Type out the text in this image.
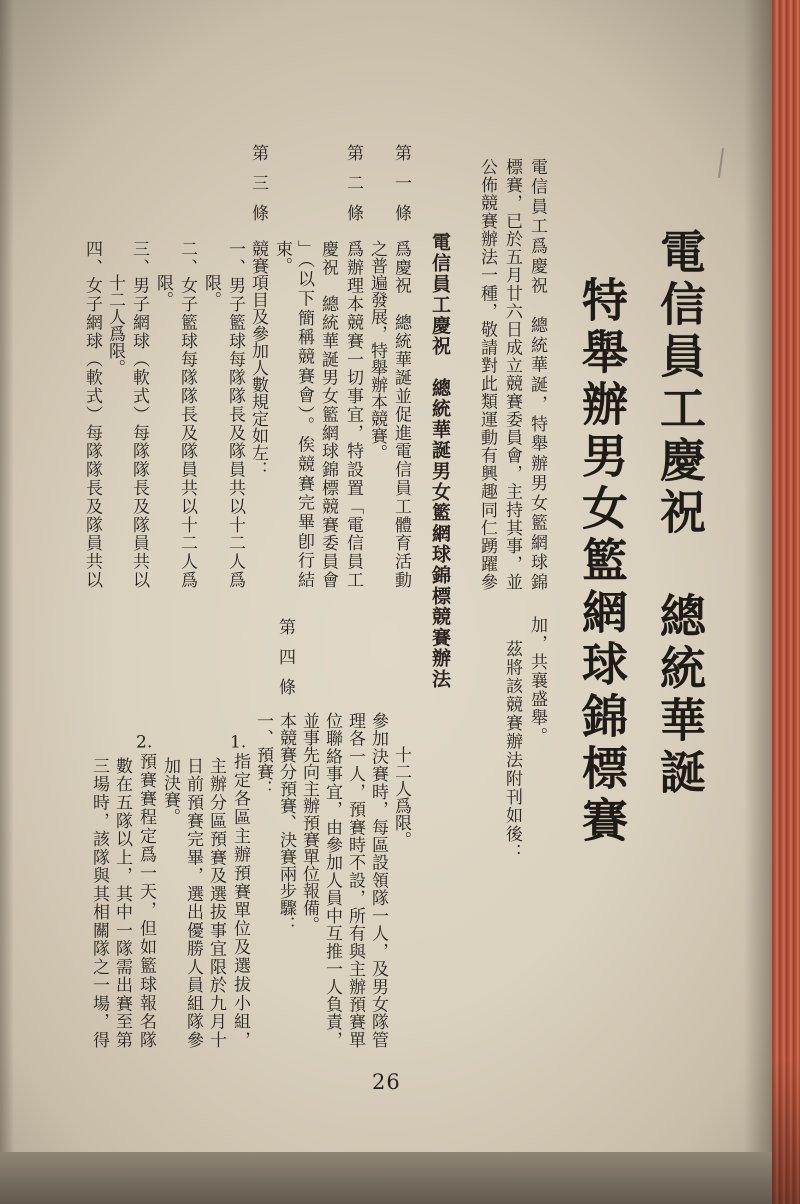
電信員工慶祝　總統華誕
特舉辦男女籃網球錦標賽
電信員工爲慶祝　總統華誕，特舉辦男女籃網球錦
標賽，已於五月廿六日成立競賽委員會，主持其事，並
公佈競賽辦法一種，敬請對此類運動有興趣同仁踴躍參
加，共襄盛舉。
茲將該競賽辦法附刊如後：
電信員工慶祝　總統華誕男女籃網球錦標競賽辦法
第一條
爲慶祝　總統華誕並促進電信員工體育活動
之普遍發展，特舉辦本競賽。
第二條
爲辦理本競賽一切事宜，特設置「電信員工
慶祝　總統華誕男女籃網球錦標競賽委員會
」（以下簡稱競賽會）。俟競賽完畢卽行結
束。
第三條
競賽項目及參加人數規定如左：
一、男子籃球每隊隊長及隊員共以十二人爲
限。
二、女子籃球每隊隊長及隊員共以十二人爲
限。
三、男子網球（軟式）每隊隊長及隊員共以
十二人爲限。
四、女子網球（軟式）每隊隊長及隊員共以
十二人爲限。
參加決賽時，每區設領隊一人，及男女隊管
理各一人，預賽時不設，所有與主辦預賽單
位聯絡事宜，由參加人員中互推一人負責，
並事先向主辦預賽單位報備。
第四條
本競賽分預賽、決賽兩步驟：
一、預賽：
1.指定各區主辦預賽單位及選拔小組，
主辦分區預賽及選拔事宜限於九月十
日前預賽完畢，選出優勝人員組隊參
加決賽。
2.預賽賽程定爲一天，但如籃球報名隊
數在五隊以上，其中一隊需出賽至第
三場時，該隊與其相關隊之一場，得
26
